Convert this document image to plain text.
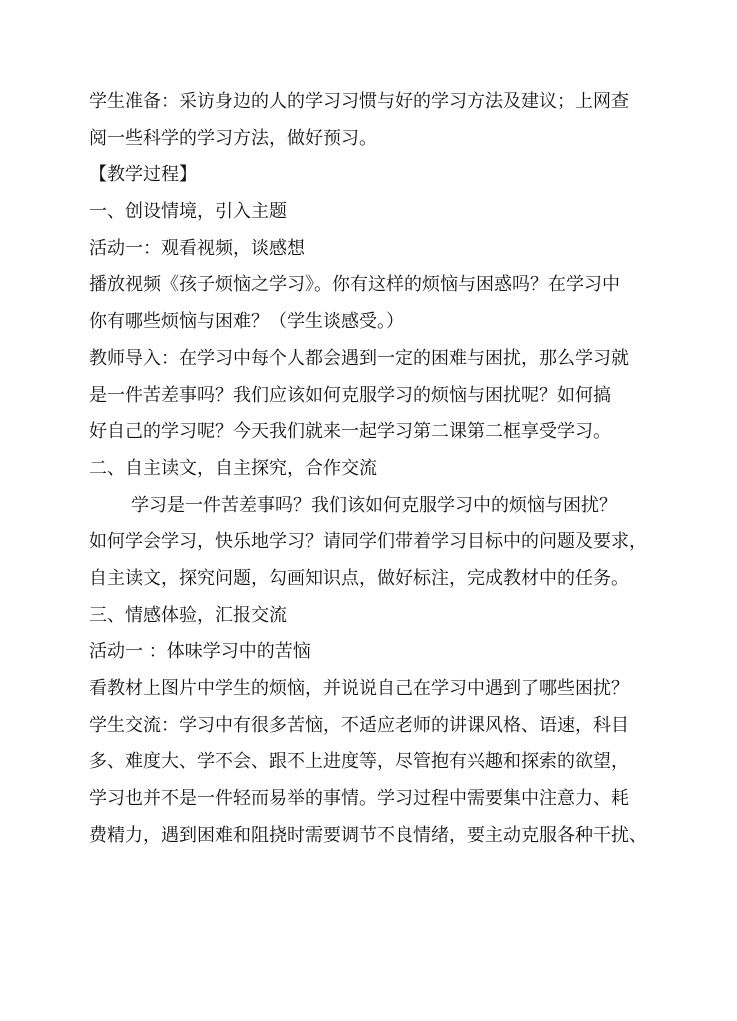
学生准备：采访身边的人的学习习惯与好的学习方法及建议；上网查
阅一些科学的学习方法，做好预习。
【教学过程】
一、创设情境，引入主题
活动一：观看视频，谈感想
播放视频《孩子烦恼之学习》。你有这样的烦恼与困惑吗？在学习中
你有哪些烦恼与困难？（学生谈感受。）
教师导入：在学习中每个人都会遇到一定的困难与困扰，那么学习就
是一件苦差事吗？我们应该如何克服学习的烦恼与困扰呢？如何搞
好自己的学习呢？今天我们就来一起学习第二课第二框享受学习。
二、自主读文，自主探究，合作交流
学习是一件苦差事吗？我们该如何克服学习中的烦恼与困扰？
如何学会学习，快乐地学习？请同学们带着学习目标中的问题及要求，
自主读文，探究问题，勾画知识点，做好标注，完成教材中的任务。
三、情感体验，汇报交流
活动一 ：体味学习中的苦恼
看教材上图片中学生的烦恼，并说说自己在学习中遇到了哪些困扰？
学生交流：学习中有很多苦恼，不适应老师的讲课风格、语速，科目
多、难度大、学不会、跟不上进度等，尽管抱有兴趣和探索的欲望，
学习也并不是一件轻而易举的事情。学习过程中需要集中注意力、耗
费精力，遇到困难和阻挠时需要调节不良情绪，要主动克服各种干扰、
